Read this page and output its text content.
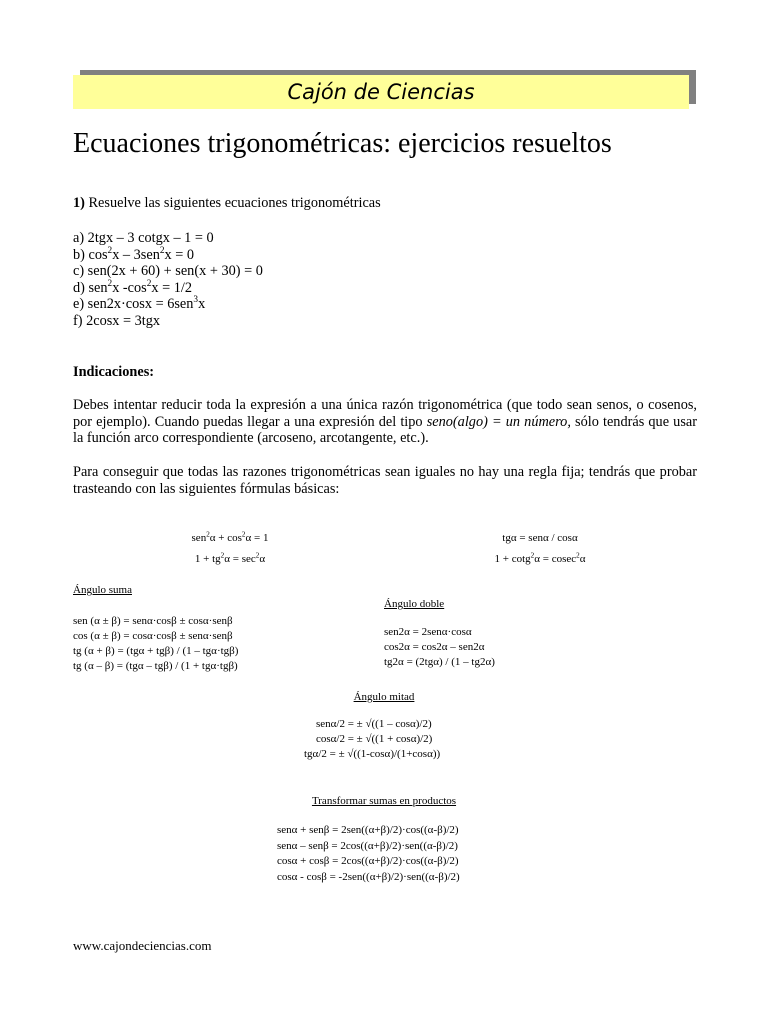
Cajón de Ciencias
Ecuaciones trigonométricas: ejercicios resueltos
1) Resuelve las siguientes ecuaciones trigonométricas
a) 2tgx – 3 cotgx – 1 = 0
b) $\cos^2x - 3sen^2x = 0$
c) sen(2x + 60) + sen(x + 30) = 0
d) sen$^2$x $-\cos^2x = 1/2$
e) sen2x·cosx = 6sen$^3$x
f) 2cosx = 3tgx
Indicaciones:
Debes intentar reducir toda la expresión a una única razón trigonométrica (que todo sean senos, o cosenos, por ejemplo). Cuando puedas llegar a una expresión del tipo seno(algo) = un número, sólo tendrás que usar la función arco correspondiente (arcoseno, arcotangente, etc.).
Para conseguir que todas las razones trigonométricas sean iguales no hay una regla fija; tendrás que probar trasteando con las siguientes fórmulas básicas:
$sen^2\alpha + \cos^2\alpha = 1$
$1 + tg^2\alpha = \sec^2\alpha$
tgα = senα / cosα
1 + cotg$^2$α = cosec$^2$α
Ángulo suma
sen (α ± β) = senα·cosβ ± cosα·senβ
cos (α ± β) = cosα·cosβ ± senα·senβ
tg (α + β) = (tgα + tgβ) / (1 – tgα·tgβ)
tg (α – β) = (tgα – tgβ) / (1 + tgα·tgβ)
Ángulo doble
sen2α = 2senα·cosα
cos2α = cos2α – sen2α
tg2α = (2tgα) / (1 – tg2α)
Ángulo mitad
senα/2 = ± √((1 – cosα)/2)
cosα/2 = ± √((1 + cosα)/2)
tgα/2 = ± √((1-cosα)/(1+cosα))
Transformar sumas en productos
senα + senβ = 2sen((α+β)/2)·cos((α-β)/2)
senα – senβ = 2cos((α+β)/2)·sen((α-β)/2)
cosα + cosβ = 2cos((α+β)/2)·cos((α-β)/2)
cosα - cosβ = -2sen((α+β)/2)·sen((α-β)/2)
www.cajondeciencias.com
